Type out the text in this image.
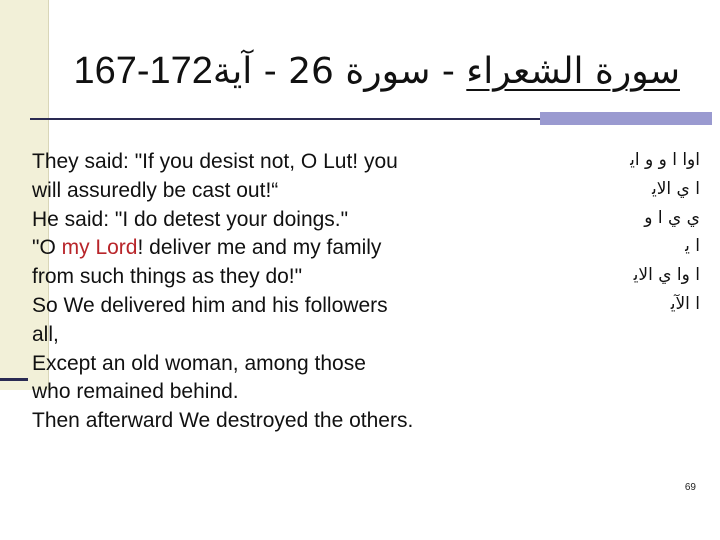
167-172	سورة الشعراء - سورة 26 - آية
They said: "If you desist not, O Lut! you
will assuredly be cast out!“
He said: "I do detest your doings."
"O my Lord! deliver me and my family
from such things as they do!"
So We delivered him and his followers
all,
Except an old woman, among those
who remained behind.
Then afterward We destroyed the others.
اوا ا و و اﻳ
ا ي اﻻﻳ
ي ي ا و
ا ﻳ
ا وا ي اﻻﻳ
ا اﻵﻳ
69
